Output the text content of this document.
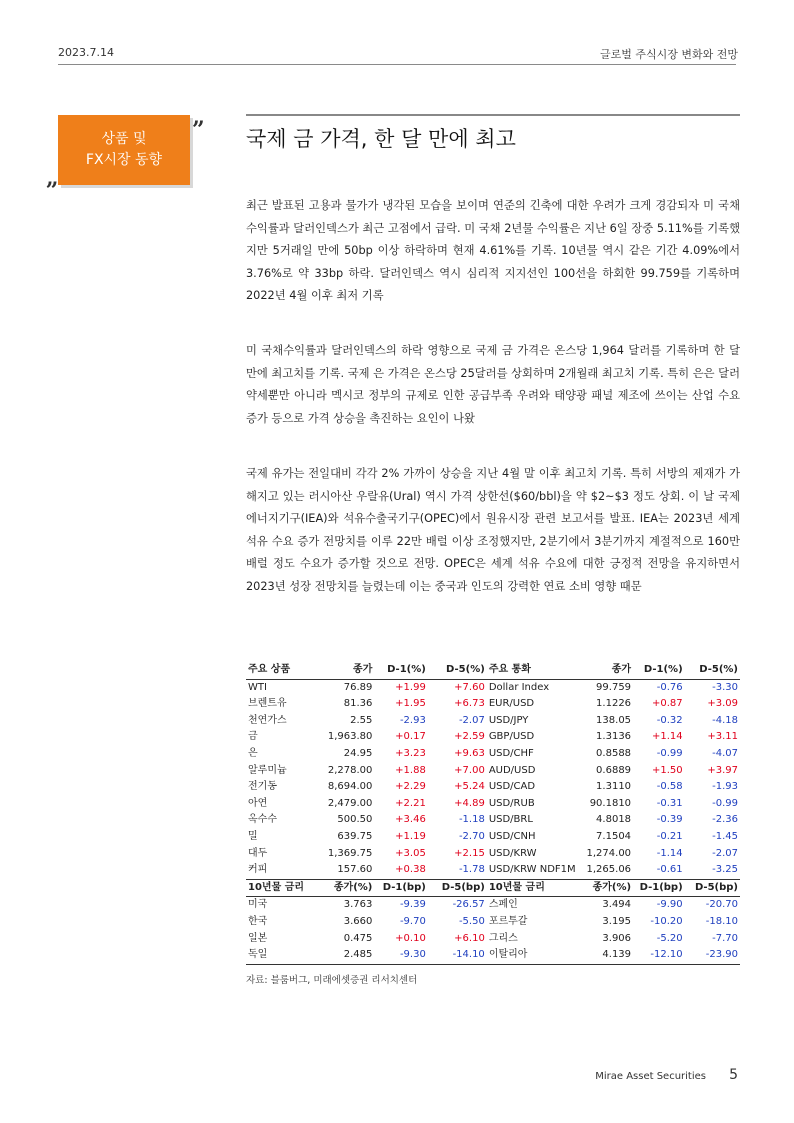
2023.7.14	글로벌 주식시장 변화와 전망
상품 및
FX시장 동향
”
„
국제 금 가격, 한 달 만에 최고

최근 발표된 고용과 물가가 냉각된 모습을 보이며 연준의 긴축에 대한 우려가 크게 경감되자 미 국채수익률과 달러인덱스가 최근 고점에서 급락. 미 국채 2년물 수익률은 지난 6일 장중 5.11%를 기록했지만 5거래일 만에 50bp 이상 하락하며 현재 4.61%를 기록. 10년물 역시 같은 기간 4.09%에서 3.76%로 약 33bp 하락. 달러인덱스 역시 심리적 지지선인 100선을 하회한 99.759를 기록하며 2022년 4월 이후 최저 기록

미 국채수익률과 달러인덱스의 하락 영향으로 국제 금 가격은 온스당 1,964 달러를 기록하며 한 달 만에 최고치를 기록. 국제 은 가격은 온스당 25달러를 상회하며 2개월래 최고치 기록. 특히 은은 달러 약세뿐만 아니라 멕시코 정부의 규제로 인한 공급부족 우려와 태양광 패널 제조에 쓰이는 산업 수요 증가 등으로 가격 상승을 촉진하는 요인이 나왔

국제 유가는 전일대비 각각 2% 가까이 상승을 지난 4월 말 이후 최고치 기록. 특히 서방의 제재가 가해지고 있는 러시아산 우랄유(Ural) 역시 가격 상한선($60/bbl)을 약 $2~$3 정도 상회. 이 날 국제에너지기구(IEA)와 석유수출국기구(OPEC)에서 원유시장 관련 보고서를 발표. IEA는 2023년 세계 석유 수요 증가 전망치를 이루 22만 배럴 이상 조정했지만, 2분기에서 3분기까지 계절적으로 160만 배럴 정도 수요가 증가할 것으로 전망. OPEC은 세계 석유 수요에 대한 긍정적 전망을 유지하면서 2023년 성장 전망치를 늘렸는데 이는 중국과 인도의 강력한 연료 소비 영향 때문

주요 상품	종가	D-1(%)	D-5(%)	주요 통화	종가	D-1(%)	D-5(%)
WTI	76.89	+1.99	+7.60	Dollar Index	99.759	-0.76	-3.30
브렌트유	81.36	+1.95	+6.73	EUR/USD	1.1226	+0.87	+3.09
천연가스	2.55	-2.93	-2.07	USD/JPY	138.05	-0.32	-4.18
금	1,963.80	+0.17	+2.59	GBP/USD	1.3136	+1.14	+3.11
은	24.95	+3.23	+9.63	USD/CHF	0.8588	-0.99	-4.07
알루미늄	2,278.00	+1.88	+7.00	AUD/USD	0.6889	+1.50	+3.97
전기동	8,694.00	+2.29	+5.24	USD/CAD	1.3110	-0.58	-1.93
아연	2,479.00	+2.21	+4.89	USD/RUB	90.1810	-0.31	-0.99
옥수수	500.50	+3.46	-1.18	USD/BRL	4.8018	-0.39	-2.36
밀	639.75	+1.19	-2.70	USD/CNH	7.1504	-0.21	-1.45
대두	1,369.75	+3.05	+2.15	USD/KRW	1,274.00	-1.14	-2.07
커피	157.60	+0.38	-1.78	USD/KRW NDF1M	1,265.06	-0.61	-3.25
10년물 금리	종가(%)	D-1(bp)	D-5(bp)	10년물 금리	종가(%)	D-1(bp)	D-5(bp)
미국	3.763	-9.39	-26.57	스페인	3.494	-9.90	-20.70
한국	3.660	-9.70	-5.50	포르투갈	3.195	-10.20	-18.10
일본	0.475	+0.10	+6.10	그리스	3.906	-5.20	-7.70
독일	2.485	-9.30	-14.10	이탈리아	4.139	-12.10	-23.90
자료: 블룸버그, 미래에셋증권 리서치센터
Mirae Asset Securities 5
